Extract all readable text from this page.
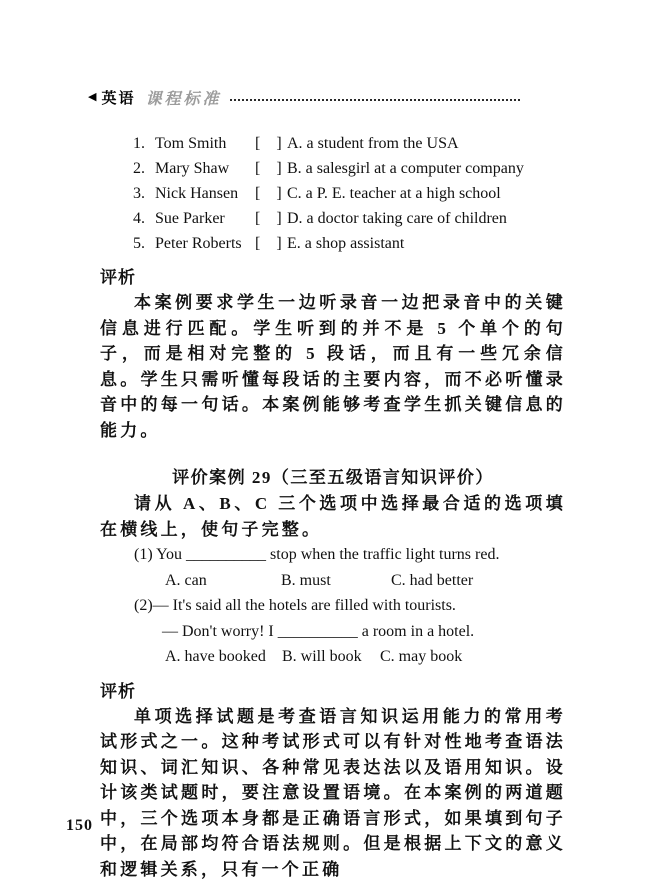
◀ 英语 课程标准
1. Tom Smith	[　] A. a student from the USA
2. Mary Shaw	[　] B. a salesgirl at a computer company
3. Nick Hansen	[　] C. a P. E. teacher at a high school
4. Sue Parker	[　] D. a doctor taking care of children
5. Peter Roberts [　] E. a shop assistant
评析

本案例要求学生一边听录音一边把录音中的关键信息进行匹配。学生听到的并不是 5 个单个的句子，而是相对完整的 5 段话，而且有一些冗余信息。学生只需听懂每段话的主要内容，而不必听懂录音中的每一句话。本案例能够考查学生抓关键信息的能力。

评价案例 29（三至五级语言知识评价）

请从 A、B、C 三个选项中选择最合适的选项填在横线上，使句子完整。

(1) You __________ stop when the traffic light turns red.
A. can	B. must	C. had better
(2)— It's said all the hotels are filled with tourists.
— Don't worry! I __________ a room in a hotel.
A. have booked	B. will book	C. may book
评析

单项选择试题是考查语言知识运用能力的常用考试形式之一。这种考试形式可以有针对性地考查语法知识、词汇知识、各种常见表达法以及语用知识。设计该类试题时，要注意设置语境。在本案例的两道题中，三个选项本身都是正确语言形式，如果填到句子中，在局部均符合语法规则。但是根据上下文的意义和逻辑关系，只有一个正确

150
